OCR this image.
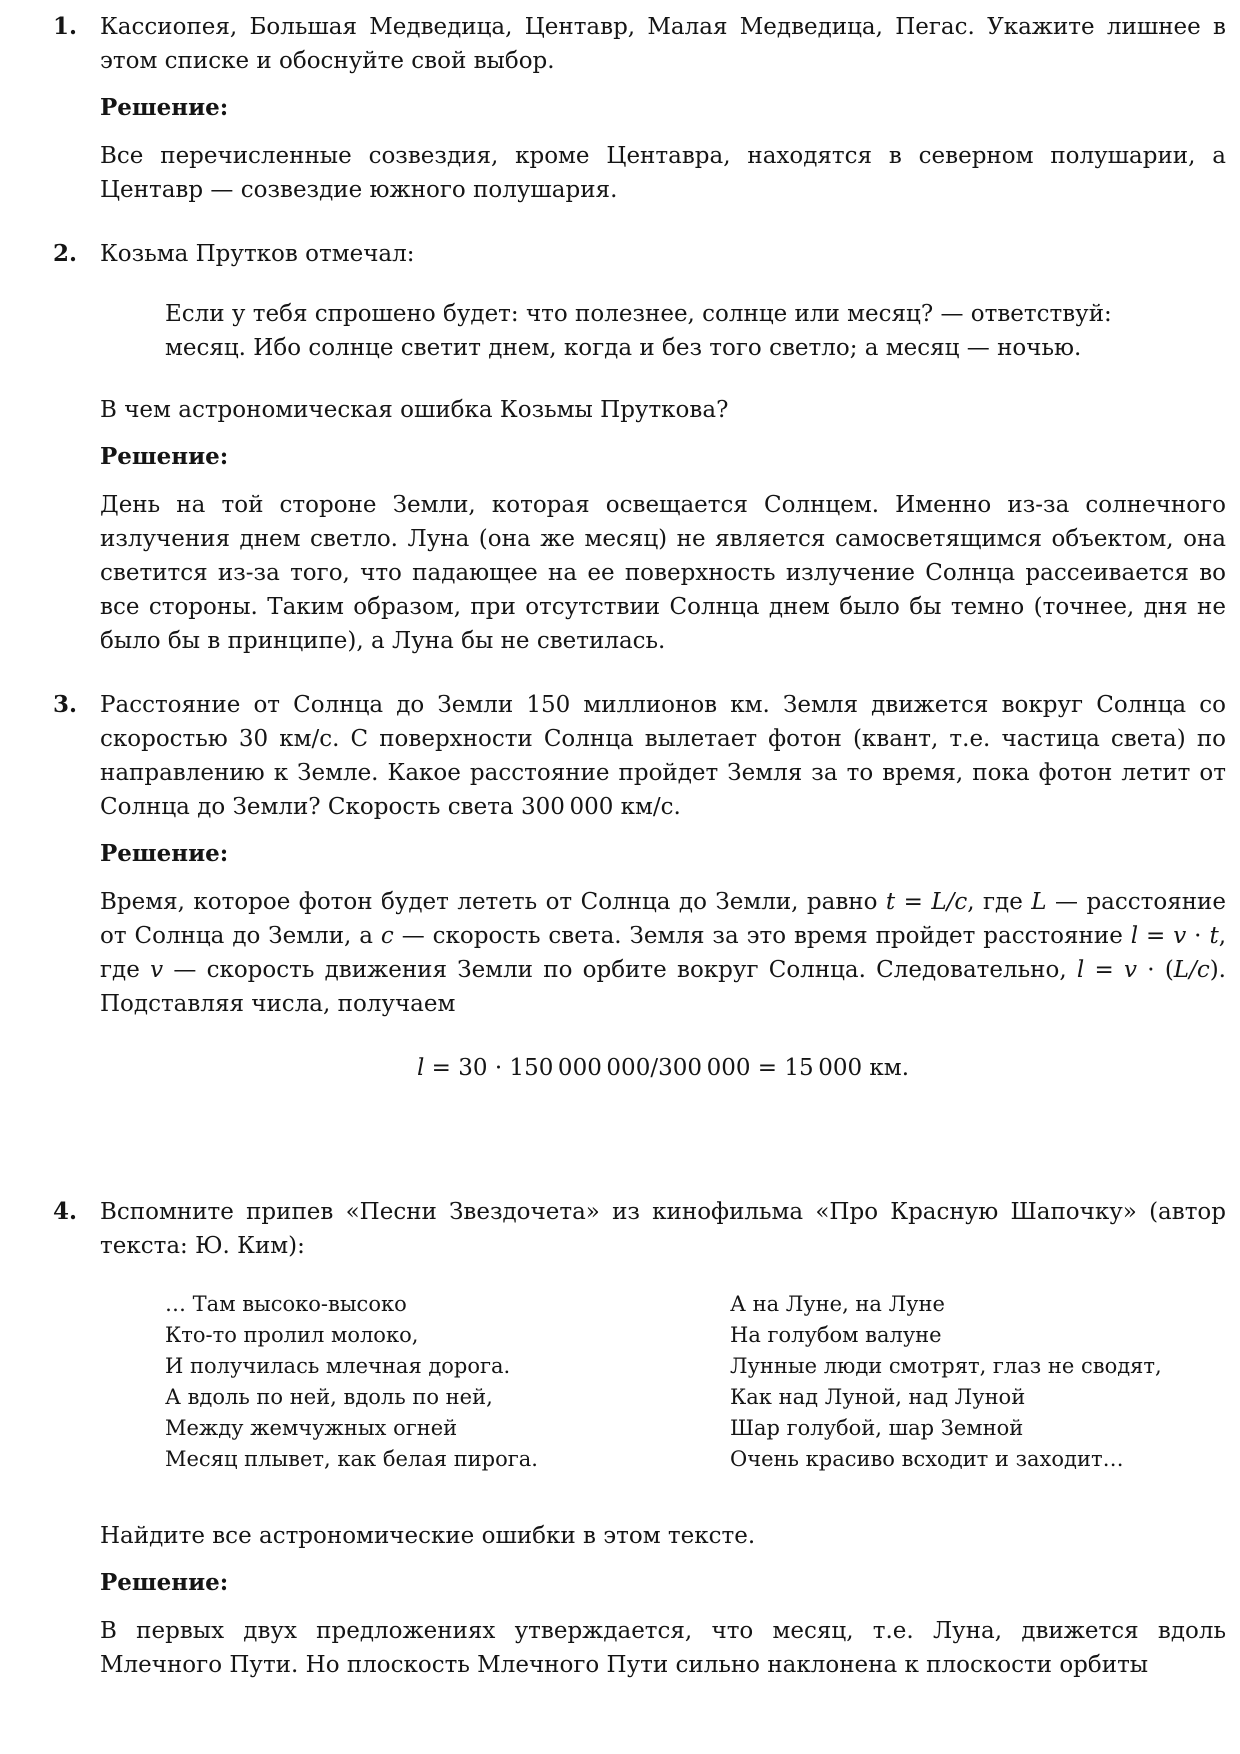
1. Кассиопея, Большая Медведица, Центавр, Малая Медведица, Пегас. Укажите лишнее в этом списке и обоснуйте свой выбор.

Решение:

Все перечисленные созвездия, кроме Центавра, находятся в северном полушарии, а Центавр — созвездие южного полушария.

2. Козьма Прутков отмечал:

Если у тебя спрошено будет: что полезнее, солнце или месяц? — ответствуй: месяц. Ибо солнце светит днем, когда и без того светло; а месяц — ночью.

В чем астрономическая ошибка Козьмы Пруткова?

Решение:

День на той стороне Земли, которая освещается Солнцем. Именно из-за солнечного излучения днем светло. Луна (она же месяц) не является самосветящимся объектом, она светится из-за того, что падающее на ее поверхность излучение Солнца рассеивается во все стороны. Таким образом, при отсутствии Солнца днем было бы темно (точнее, дня не было бы в принципе), а Луна бы не светилась.

3. Расстояние от Солнца до Земли 150 миллионов км. Земля движется вокруг Солнца со скоростью 30 км/с. С поверхности Солнца вылетает фотон (квант, т.е. частица света) по направлению к Земле. Какое расстояние пройдет Земля за то время, пока фотон летит от Солнца до Земли? Скорость света 300 000 км/с.

Решение:

Время, которое фотон будет лететь от Солнца до Земли, равно t = L/c, где L — расстояние от Солнца до Земли, а c — скорость света. Земля за это время пройдет расстояние l = v · t, где v — скорость движения Земли по орбите вокруг Солнца. Следовательно, l = v · (L/c). Подставляя числа, получаем

l = 30 · 150 000 000/300 000 = 15 000 км.

4. Вспомните припев «Песни Звездочета» из кинофильма «Про Красную Шапочку» (автор текста: Ю. Ким):

… Там высоко-высоко
Кто-то пролил молоко,
И получилась млечная дорога.
А вдоль по ней, вдоль по ней,
Между жемчужных огней
Месяц плывет, как белая пирога.
А на Луне, на Луне
На голубом валуне
Лунные люди смотрят, глаз не сводят,
Как над Луной, над Луной
Шар голубой, шар Земной
Очень красиво всходит и заходит…

Найдите все астрономические ошибки в этом тексте.

Решение:

В первых двух предложениях утверждается, что месяц, т.е. Луна, движется вдоль Млечного Пути. Но плоскость Млечного Пути сильно наклонена к плоскости орбиты
